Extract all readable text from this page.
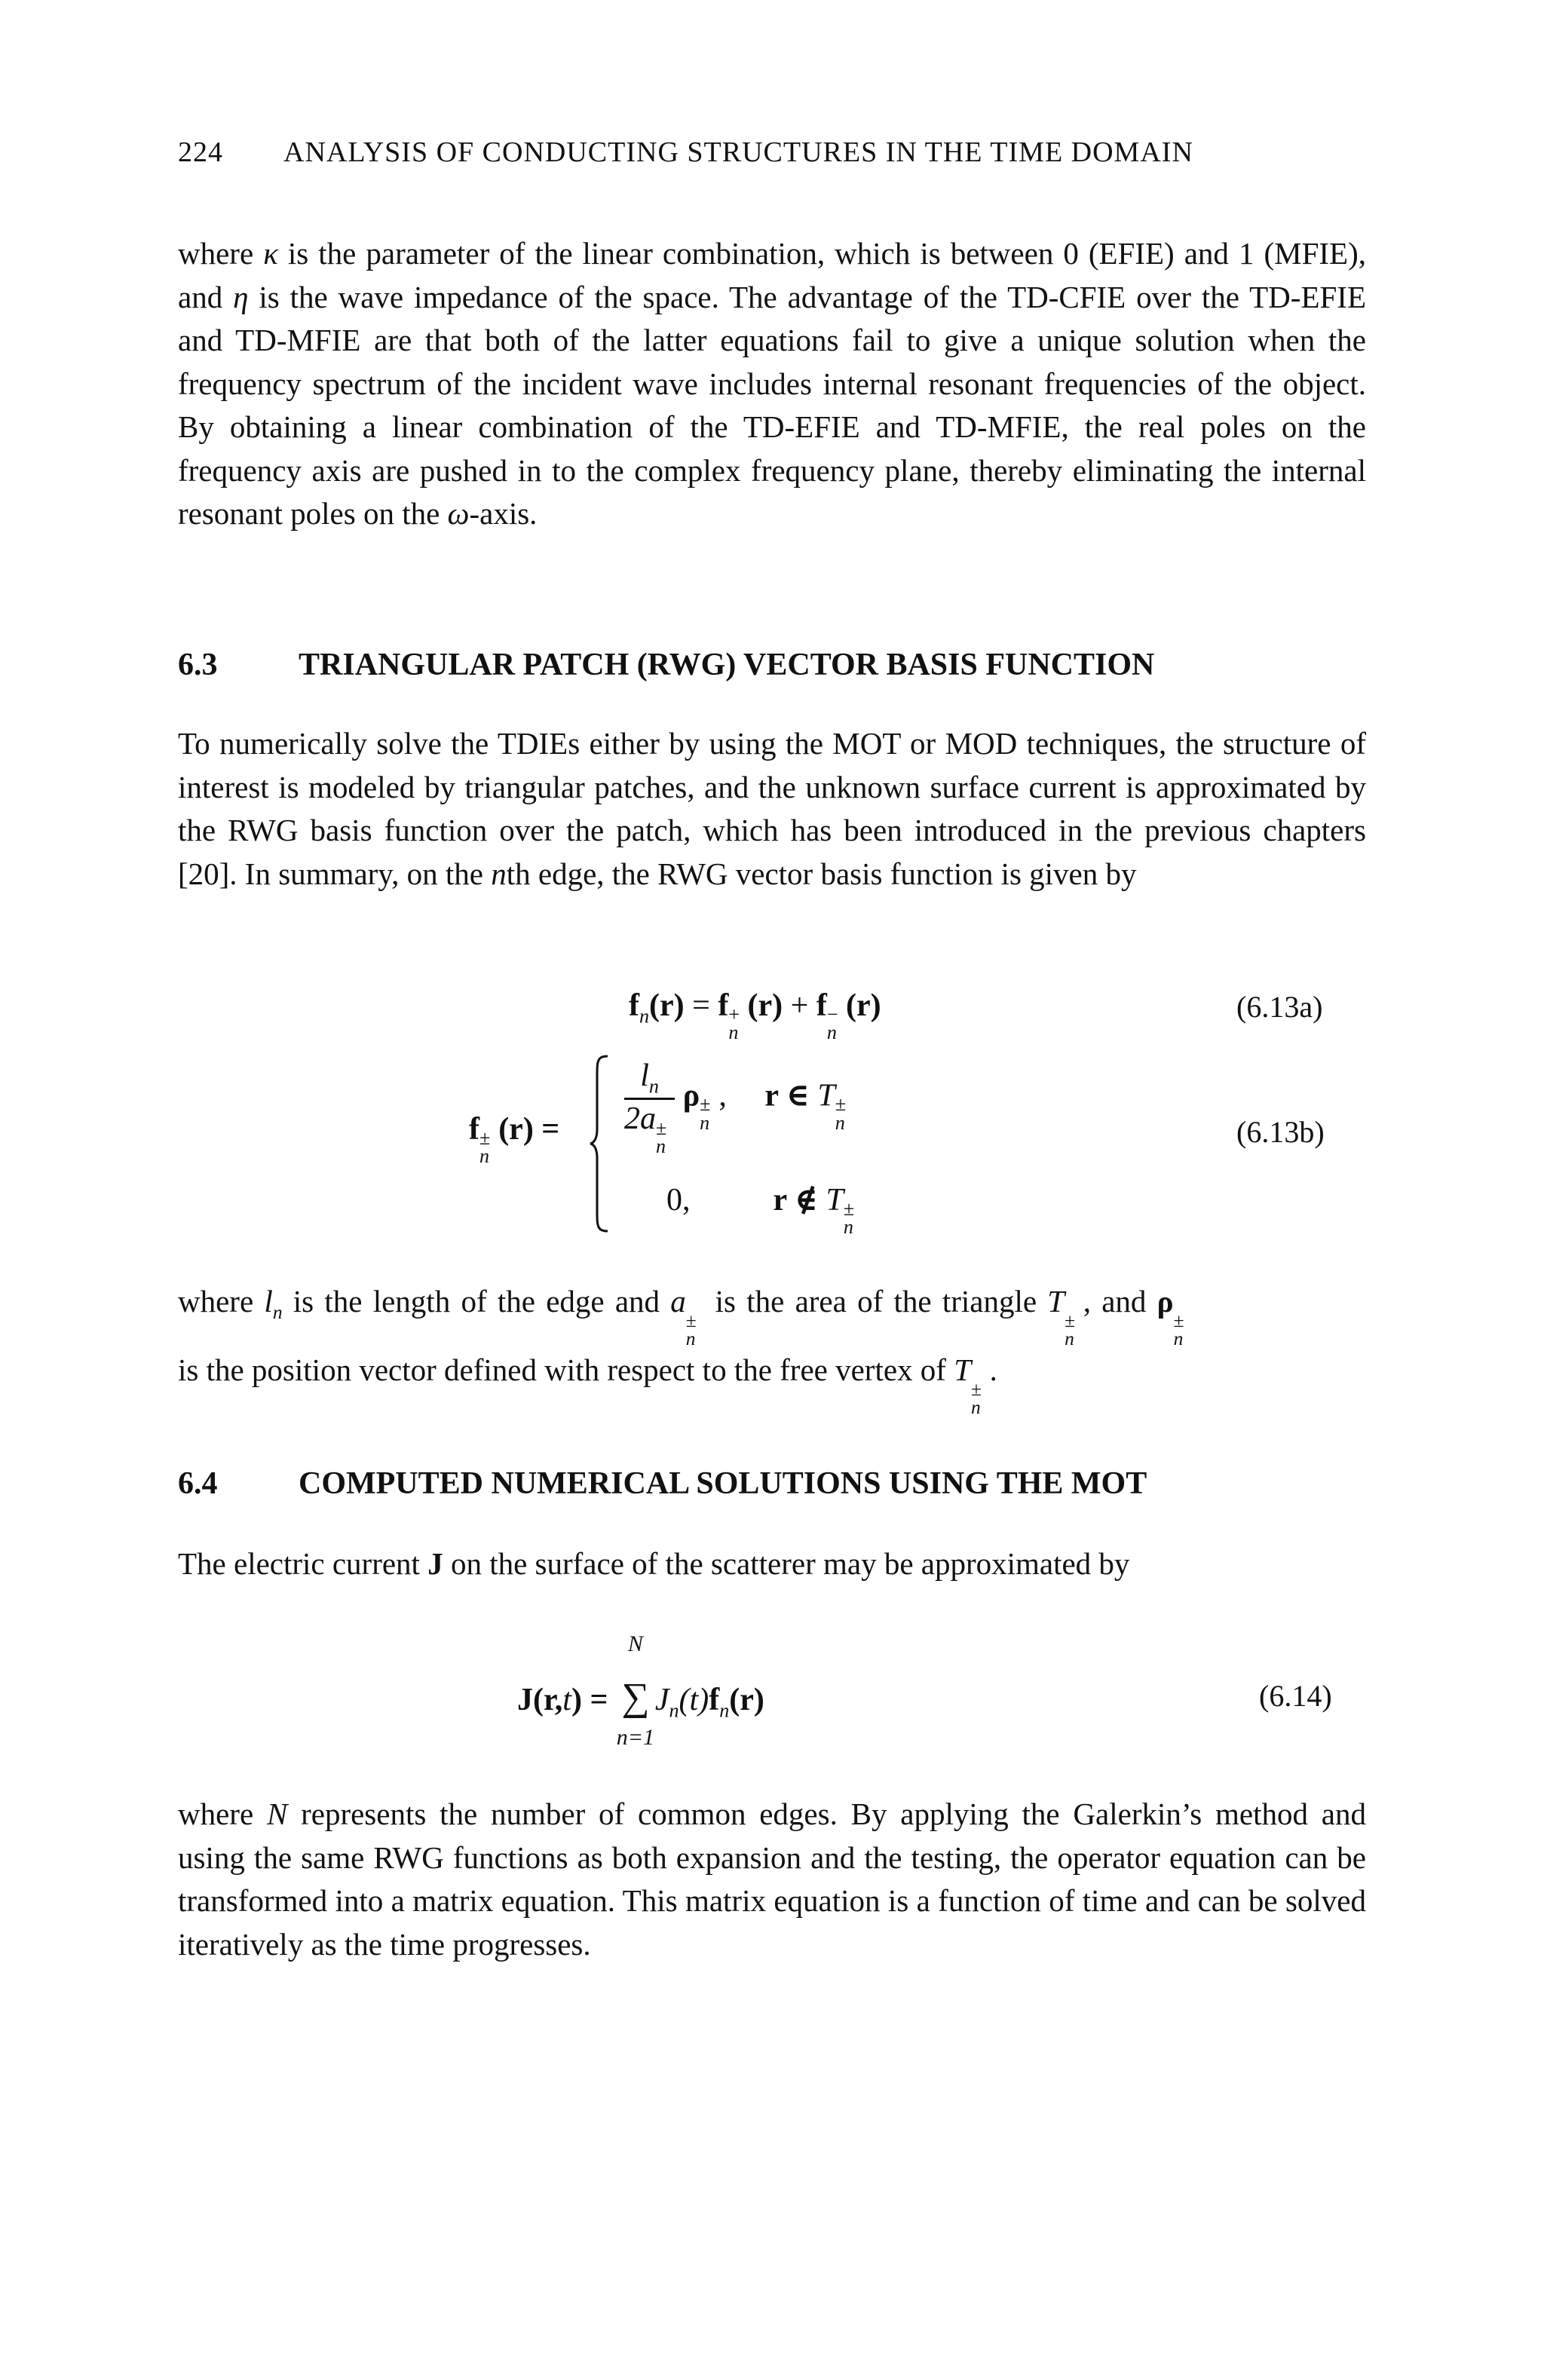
224 ANALYSIS OF CONDUCTING STRUCTURES IN THE TIME DOMAIN
where κ is the parameter of the linear combination, which is between 0 (EFIE) and 1 (MFIE), and η is the wave impedance of the space. The advantage of the TD-CFIE over the TD-EFIE and TD-MFIE are that both of the latter equations fail to give a unique solution when the frequency spectrum of the incident wave includes internal resonant frequencies of the object. By obtaining a linear combination of the TD-EFIE and TD-MFIE, the real poles on the frequency axis are pushed in to the complex frequency plane, thereby eliminating the internal resonant poles on the ω-axis.
6.3	TRIANGULAR PATCH (RWG) VECTOR BASIS FUNCTION
To numerically solve the TDIEs either by using the MOT or MOD techniques, the structure of interest is modeled by triangular patches, and the unknown surface current is approximated by the RWG basis function over the patch, which has been introduced in the previous chapters [20]. In summary, on the nth edge, the RWG vector basis function is given by
$f_n(r) = f$ +
n
(r) + f −
n
(r)	(6.13a)
f ±
n
$(r) = l_n$
2a ±
n ρ ±
n
, r ∈ T ±
n
0,	r ∉ T ±
n
(6.13b)
where $l_n$ is the length of the edge and a
±
n
is the area of the triangle T
±
n
, and ρ
±
n
is the position vector defined with respect to the free vertex of T
±
n
.
6.4	COMPUTED NUMERICAL SOLUTIONS USING THE MOT
The electric current J on the surface of the scatterer may be approximated by
J(r,t) =
N
∑
n=1
$J_n(t)f_n(r)$	(6.14)
where N represents the number of common edges. By applying the Galerkin’s method and using the same RWG functions as both expansion and the testing, the operator equation can be transformed into a matrix equation. This matrix equation is a function of time and can be solved iteratively as the time progresses.
